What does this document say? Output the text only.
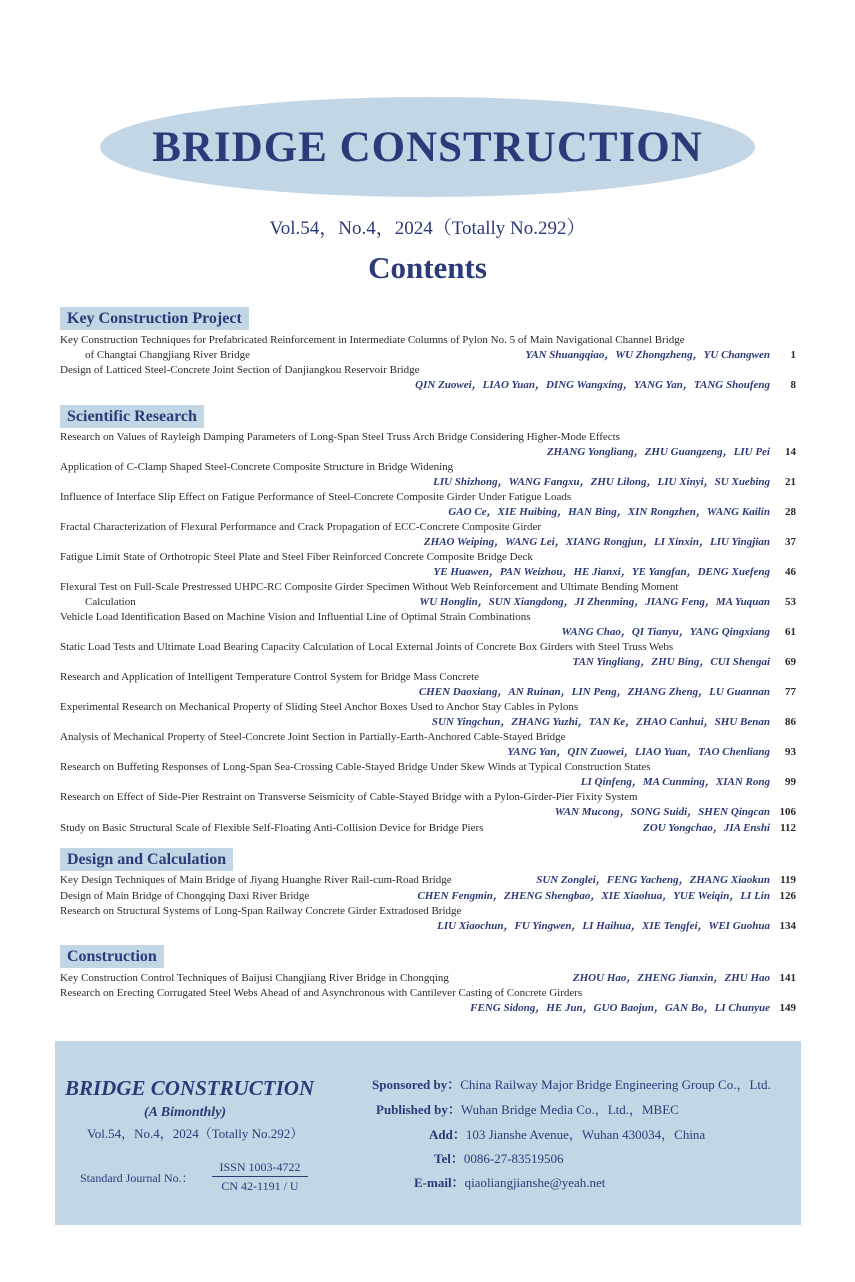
BRIDGE CONSTRUCTION
Vol.54，No.4，2024（Totally No.292）
Contents
Key Construction Project
Key Construction Techniques for Prefabricated Reinforcement in Intermediate Columns of Pylon No. 5 of Main Navigational Channel Bridge
of Changtai Changjiang River Bridge	YAN Shuangqiao，WU Zhongzheng，YU Changwen	1
Design of Latticed Steel-Concrete Joint Section of Danjiangkou Reservoir Bridge
QIN Zuowei，LIAO Yuan，DING Wangxing，YANG Yan，TANG Shoufeng	8
Scientific Research
Research on Values of Rayleigh Damping Parameters of Long-Span Steel Truss Arch Bridge Considering Higher-Mode Effects
ZHANG Yongliang，ZHU Guangzeng，LIU Pei	14
Application of C-Clamp Shaped Steel-Concrete Composite Structure in Bridge Widening
LIU Shizhong，WANG Fangxu，ZHU Lilong，LIU Xinyi，SU Xuebing	21
Influence of Interface Slip Effect on Fatigue Performance of Steel-Concrete Composite Girder Under Fatigue Loads
GAO Ce，XIE Huibing，HAN Bing，XIN Rongzhen，WANG Kailin	28
Fractal Characterization of Flexural Performance and Crack Propagation of ECC-Concrete Composite Girder
ZHAO Weiping，WANG Lei，XIANG Rongjun，LI Xinxin，LIU Yingjian	37
Fatigue Limit State of Orthotropic Steel Plate and Steel Fiber Reinforced Concrete Composite Bridge Deck
YE Huawen，PAN Weizhou，HE Jianxi，YE Yangfan，DENG Xuefeng	46
Flexural Test on Full-Scale Prestressed UHPC-RC Composite Girder Specimen Without Web Reinforcement and Ultimate Bending Moment
Calculation	WU Honglin，SUN Xiangdong，JI Zhenming，JIANG Feng，MA Yuquan	53
Vehicle Load Identification Based on Machine Vision and Influential Line of Optimal Strain Combinations
WANG Chao，QI Tianyu，YANG Qingxiang	61
Static Load Tests and Ultimate Load Bearing Capacity Calculation of Local External Joints of Concrete Box Girders with Steel Truss Webs
TAN Yingliang，ZHU Bing，CUI Shengai	69
Research and Application of Intelligent Temperature Control System for Bridge Mass Concrete
CHEN Daoxiang，AN Ruinan，LIN Peng，ZHANG Zheng，LU Guannan	77
Experimental Research on Mechanical Property of Sliding Steel Anchor Boxes Used to Anchor Stay Cables in Pylons
SUN Yingchun，ZHANG Yuzhi，TAN Ke，ZHAO Canhui，SHU Benan	86
Analysis of Mechanical Property of Steel-Concrete Joint Section in Partially-Earth-Anchored Cable-Stayed Bridge
YANG Yan，QIN Zuowei，LIAO Yuan，TAO Chenliang	93
Research on Buffeting Responses of Long-Span Sea-Crossing Cable-Stayed Bridge Under Skew Winds at Typical Construction States
LI Qinfeng，MA Cunming，XIAN Rong	99
Research on Effect of Side-Pier Restraint on Transverse Seismicity of Cable-Stayed Bridge with a Pylon-Girder-Pier Fixity System
WAN Mucong，SONG Suidi，SHEN Qingcan 106
Study on Basic Structural Scale of Flexible Self-Floating Anti-Collision Device for Bridge Piers	ZOU Yongchao，JIA Enshi 112
Design and Calculation
Key Design Techniques of Main Bridge of Jiyang Huanghe River Rail-cum-Road Bridge	SUN Zonglei，FENG Yacheng，ZHANG Xiaokun 119
Design of Main Bridge of Chongqing Daxi River Bridge	CHEN Fengmin，ZHENG Shengbao，XIE Xiaohua，YUE Weiqin，LI Lin 126
Research on Structural Systems of Long-Span Railway Concrete Girder Extradosed Bridge
LIU Xiaochun，FU Yingwen，LI Haihua，XIE Tengfei，WEI Guohua 134
Construction
Key Construction Control Techniques of Baijusi Changjiang River Bridge in Chongqing	ZHOU Hao，ZHENG Jianxin，ZHU Hao 141
Research on Erecting Corrugated Steel Webs Ahead of and Asynchronous with Cantilever Casting of Concrete Girders
FENG Sidong，HE Jun，GUO Baojun，GAN Bo，LI Chunyue 149
BRIDGE CONSTRUCTION
(A Bimonthly)
Vol.54，No.4，2024（Totally No.292）
Standard Journal No.：
ISSN 1003-4722
CN 42-1191 / U
Sponsored by：China Railway Major Bridge Engineering Group Co.，Ltd.
Published by：Wuhan Bridge Media Co.，Ltd.，MBEC
Add：103 Jianshe Avenue，Wuhan 430034，China
Tel：0086-27-83519506
E-mail：qiaoliangjianshe@yeah.net
